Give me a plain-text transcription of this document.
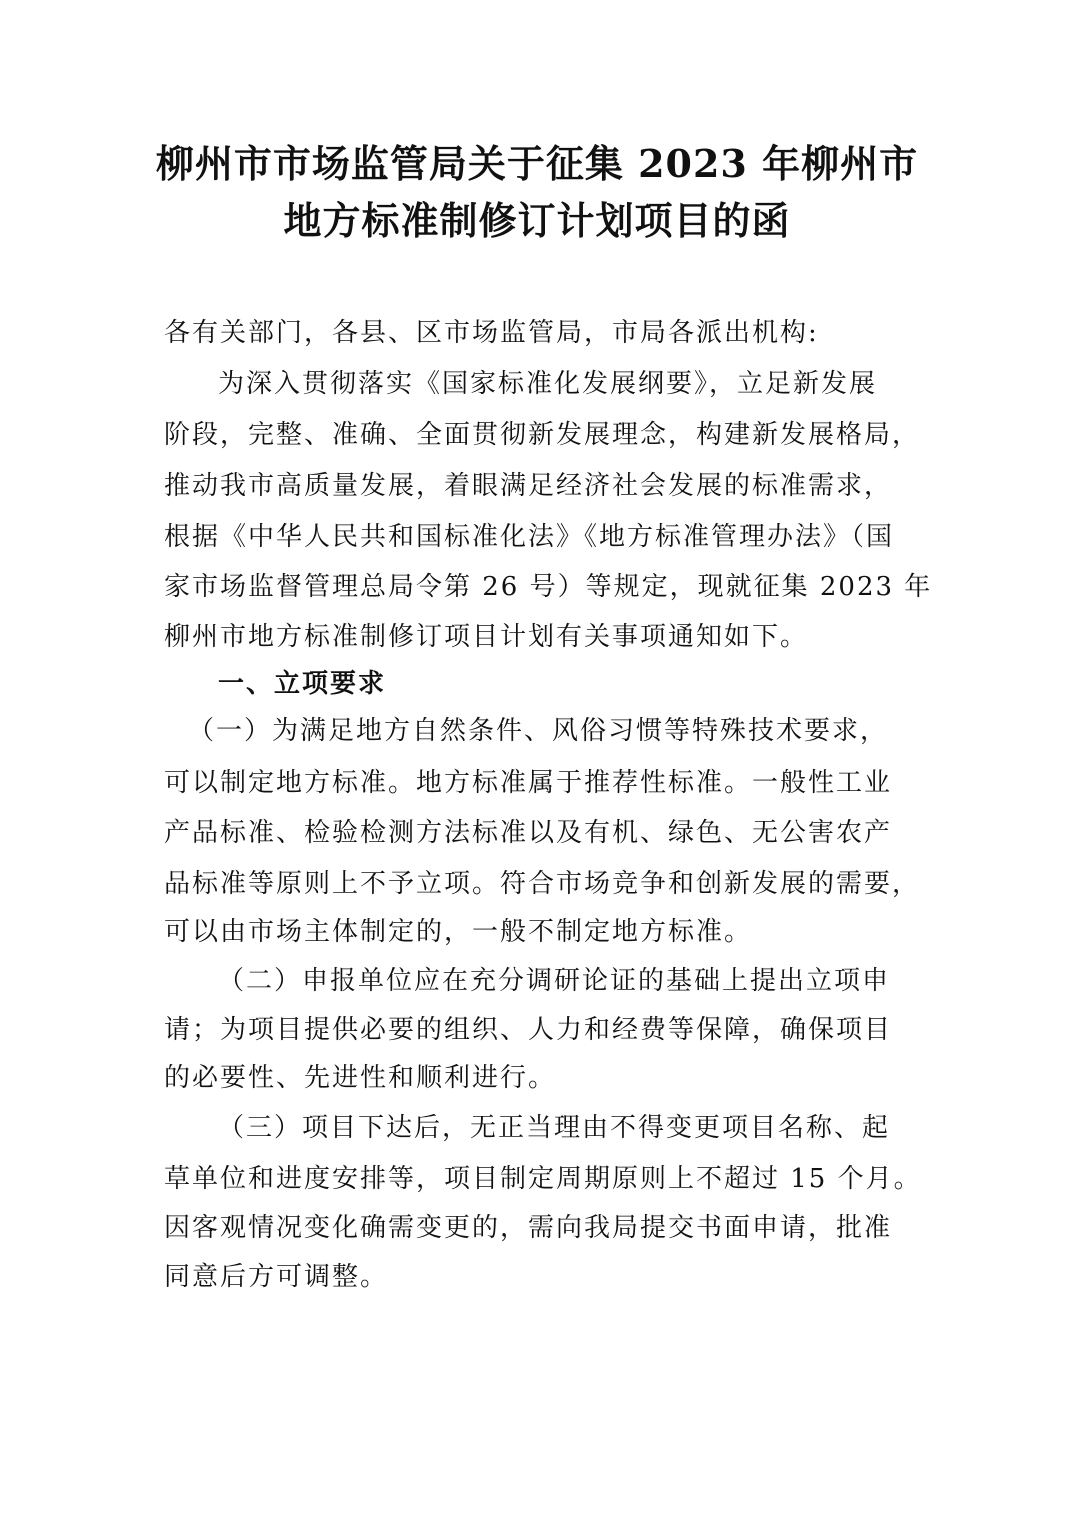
柳州市市场监管局关于征集 2023 年柳州市
地方标准制修订计划项目的函
各有关部门，各县、区市场监管局，市局各派出机构:
为深入贯彻落实《国家标准化发展纲要》，立足新发展
阶段，完整、准确、全面贯彻新发展理念，构建新发展格局，
推动我市高质量发展，着眼满足经济社会发展的标准需求，
根据《中华人民共和国标准化法》《地方标准管理办法》（国
家市场监督管理总局令第 26 号）等规定，现就征集 2023 年
柳州市地方标准制修订项目计划有关事项通知如下。
一、立项要求
（一）为满足地方自然条件、风俗习惯等特殊技术要求，
可以制定地方标准。地方标准属于推荐性标准。一般性工业
产品标准、检验检测方法标准以及有机、绿色、无公害农产
品标准等原则上不予立项。符合市场竞争和创新发展的需要，
可以由市场主体制定的，一般不制定地方标准。
（二）申报单位应在充分调研论证的基础上提出立项申
请；为项目提供必要的组织、人力和经费等保障，确保项目
的必要性、先进性和顺利进行。
（三）项目下达后，无正当理由不得变更项目名称、起
草单位和进度安排等，项目制定周期原则上不超过 15 个月。
因客观情况变化确需变更的，需向我局提交书面申请，批准
同意后方可调整。
